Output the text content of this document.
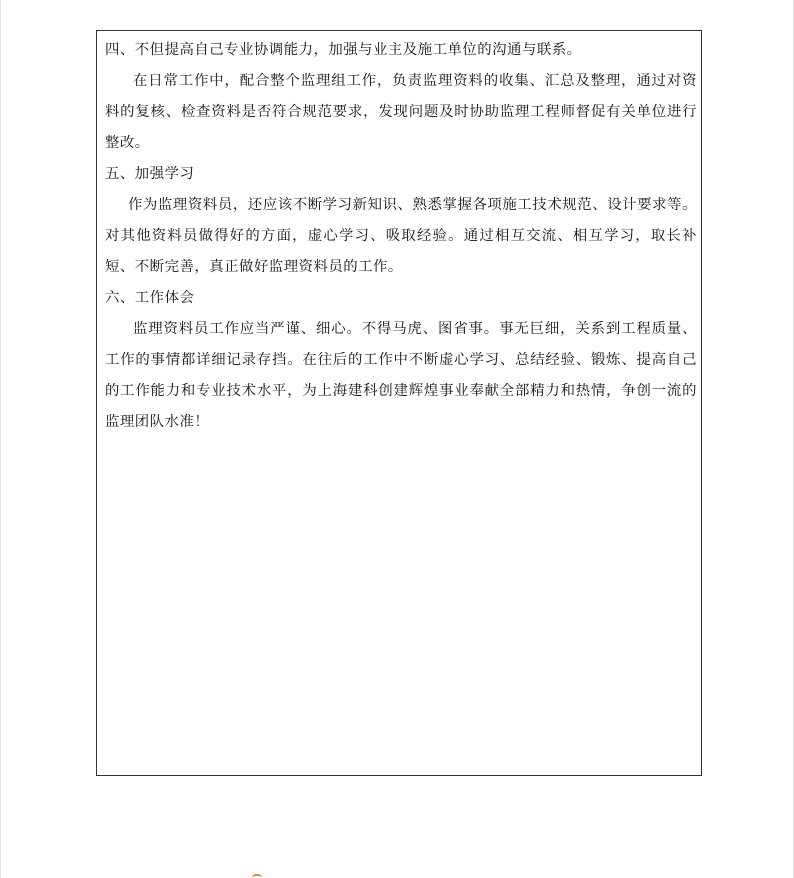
四、不但提高自己专业协调能力，加强与业主及施工单位的沟通与联系。

在日常工作中，配合整个监理组工作，负责监理资料的收集、汇总及整理，通过对资料的复核、检查资料是否符合规范要求，发现问题及时协助监理工程师督促有关单位进行整改。

五、加强学习

作为监理资料员，还应该不断学习新知识、熟悉掌握各项施工技术规范、设计要求等。对其他资料员做得好的方面，虚心学习、吸取经验。通过相互交流、相互学习，取长补短、不断完善，真正做好监理资料员的工作。

六、工作体会

监理资料员工作应当严谨、细心。不得马虎、图省事。事无巨细，关系到工程质量、工作的事情都详细记录存挡。在往后的工作中不断虚心学习、总结经验、锻炼、提高自己的工作能力和专业技术水平，为上海建科创建辉煌事业奉献全部精力和热情，争创一流的监理团队水准！
